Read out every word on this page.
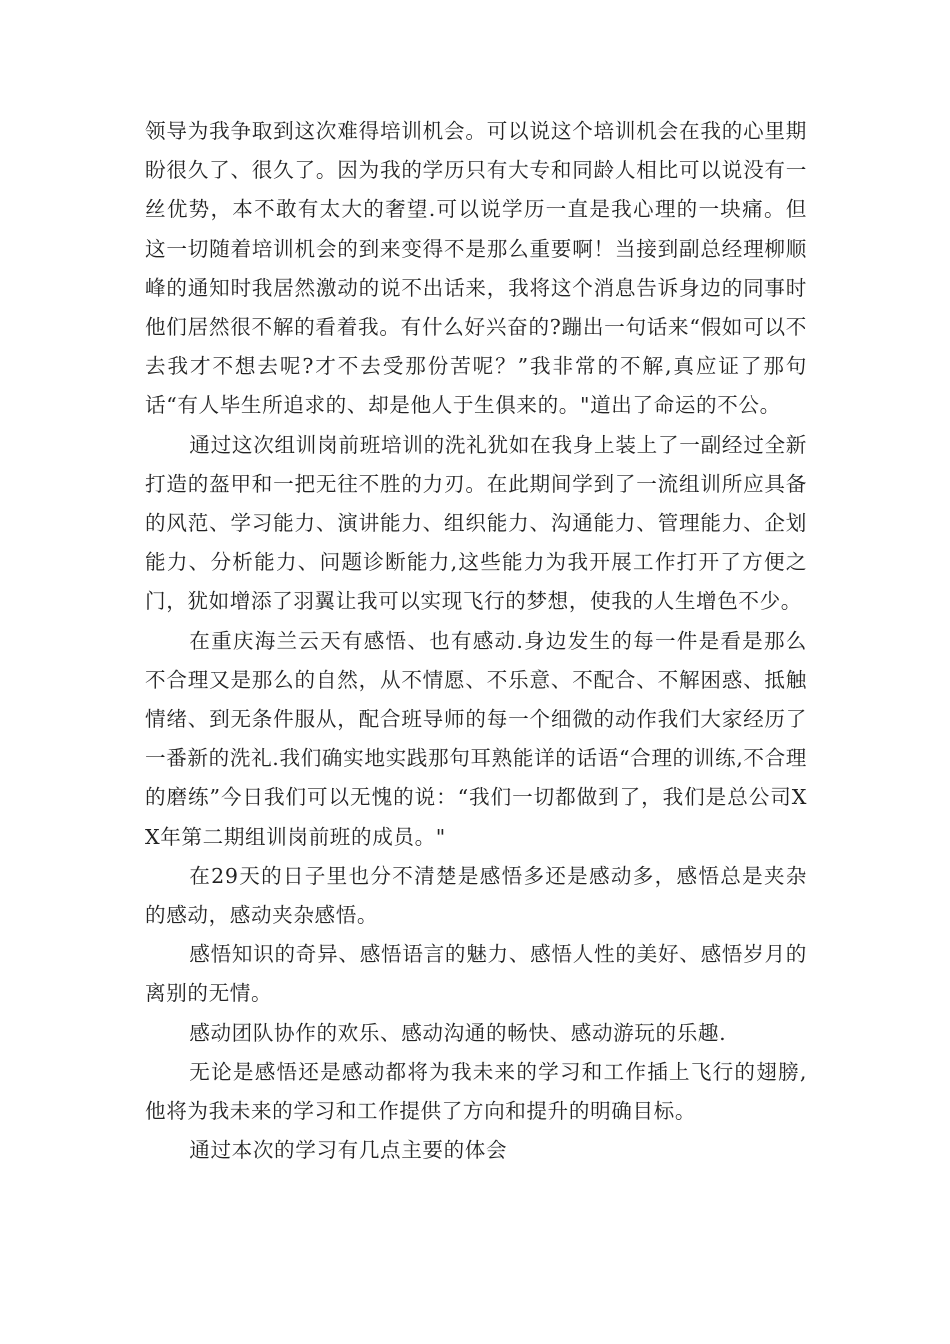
领导为我争取到这次难得培训机会。可以说这个培训机会在我的心里期盼很久了、很久了。因为我的学历只有大专和同龄人相比可以说没有一丝优势，本不敢有太大的奢望.可以说学历一直是我心理的一块痛。但这一切随着培训机会的到来变得不是那么重要啊！当接到副总经理柳顺峰的通知时我居然激动的说不出话来，我将这个消息告诉身边的同事时他们居然很不解的看着我。有什么好兴奋的?蹦出一句话来“假如可以不去我才不想去呢?才不去受那份苦呢？”我非常的不解,真应证了那句话“有人毕生所追求的、却是他人于生俱来的。"道出了命运的不公。

通过这次组训岗前班培训的洗礼犹如在我身上装上了一副经过全新打造的盔甲和一把无往不胜的力刃。在此期间学到了一流组训所应具备的风范、学习能力、演讲能力、组织能力、沟通能力、管理能力、企划能力、分析能力、问题诊断能力,这些能力为我开展工作打开了方便之门，犹如增添了羽翼让我可以实现飞行的梦想，使我的人生增色不少。

在重庆海兰云天有感悟、也有感动.身边发生的每一件是看是那么不合理又是那么的自然，从不情愿、不乐意、不配合、不解困惑、抵触情绪、到无条件服从，配合班导师的每一个细微的动作我们大家经历了一番新的洗礼.我们确实地实践那句耳熟能详的话语“合理的训练,不合理的磨练”今日我们可以无愧的说：“我们一切都做到了，我们是总公司XX年第二期组训岗前班的成员。"

在29天的日子里也分不清楚是感悟多还是感动多，感悟总是夹杂的感动，感动夹杂感悟。

感悟知识的奇异、感悟语言的魅力、感悟人性的美好、感悟岁月的离别的无情。

感动团队协作的欢乐、感动沟通的畅快、感动游玩的乐趣.

无论是感悟还是感动都将为我未来的学习和工作插上飞行的翅膀,他将为我未来的学习和工作提供了方向和提升的明确目标。

通过本次的学习有几点主要的体会
